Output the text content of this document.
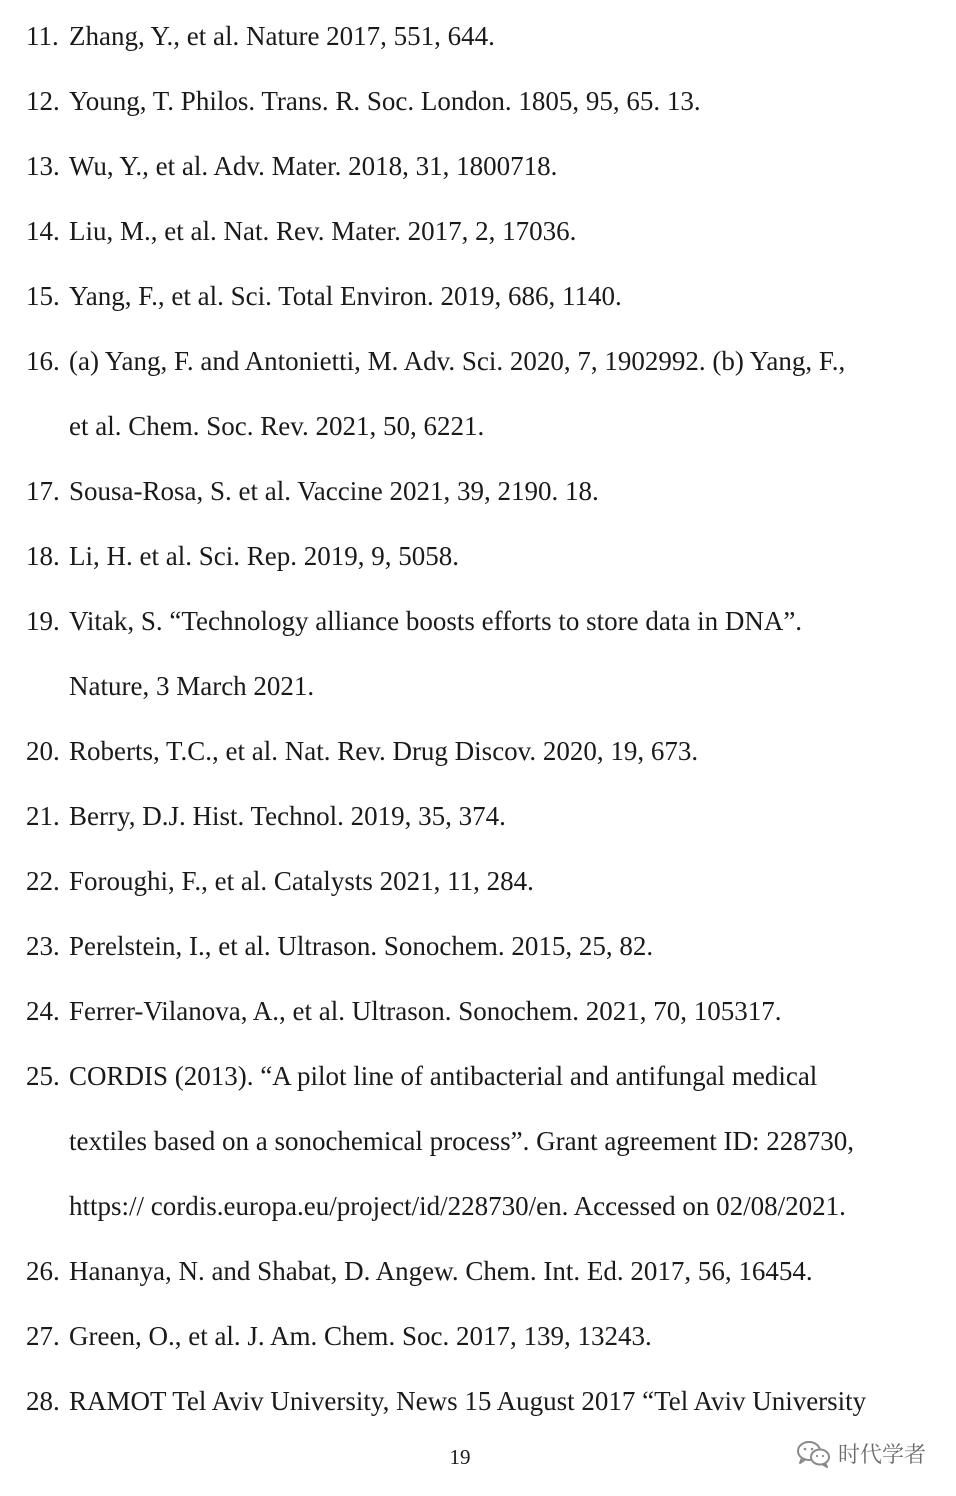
11. Zhang, Y., et al. Nature 2017, 551, 644.
12. Young, T. Philos. Trans. R. Soc. London. 1805, 95, 65. 13.
13. Wu, Y., et al. Adv. Mater. 2018, 31, 1800718.
14. Liu, M., et al. Nat. Rev. Mater. 2017, 2, 17036.
15. Yang, F., et al. Sci. Total Environ. 2019, 686, 1140.
16. (a) Yang, F. and Antonietti, M. Adv. Sci. 2020, 7, 1902992. (b) Yang, F.,
et al. Chem. Soc. Rev. 2021, 50, 6221.
17. Sousa-Rosa, S. et al. Vaccine 2021, 39, 2190. 18.
18. Li, H. et al. Sci. Rep. 2019, 9, 5058.
19. Vitak, S. “Technology alliance boosts efforts to store data in DNA”.
Nature, 3 March 2021.
20. Roberts, T.C., et al. Nat. Rev. Drug Discov. 2020, 19, 673.
21. Berry, D.J. Hist. Technol. 2019, 35, 374.
22. Foroughi, F., et al. Catalysts 2021, 11, 284.
23. Perelstein, I., et al. Ultrason. Sonochem. 2015, 25, 82.
24. Ferrer-Vilanova, A., et al. Ultrason. Sonochem. 2021, 70, 105317.
25. CORDIS (2013). “A pilot line of antibacterial and antifungal medical
textiles based on a sonochemical process”. Grant agreement ID: 228730,
https:// cordis.europa.eu/project/id/228730/en. Accessed on 02/08/2021.
26. Hananya, N. and Shabat, D. Angew. Chem. Int. Ed. 2017, 56, 16454.
27. Green, O., et al. J. Am. Chem. Soc. 2017, 139, 13243.
28. RAMOT Tel Aviv University, News 15 August 2017 “Tel Aviv University
19	时代学者
